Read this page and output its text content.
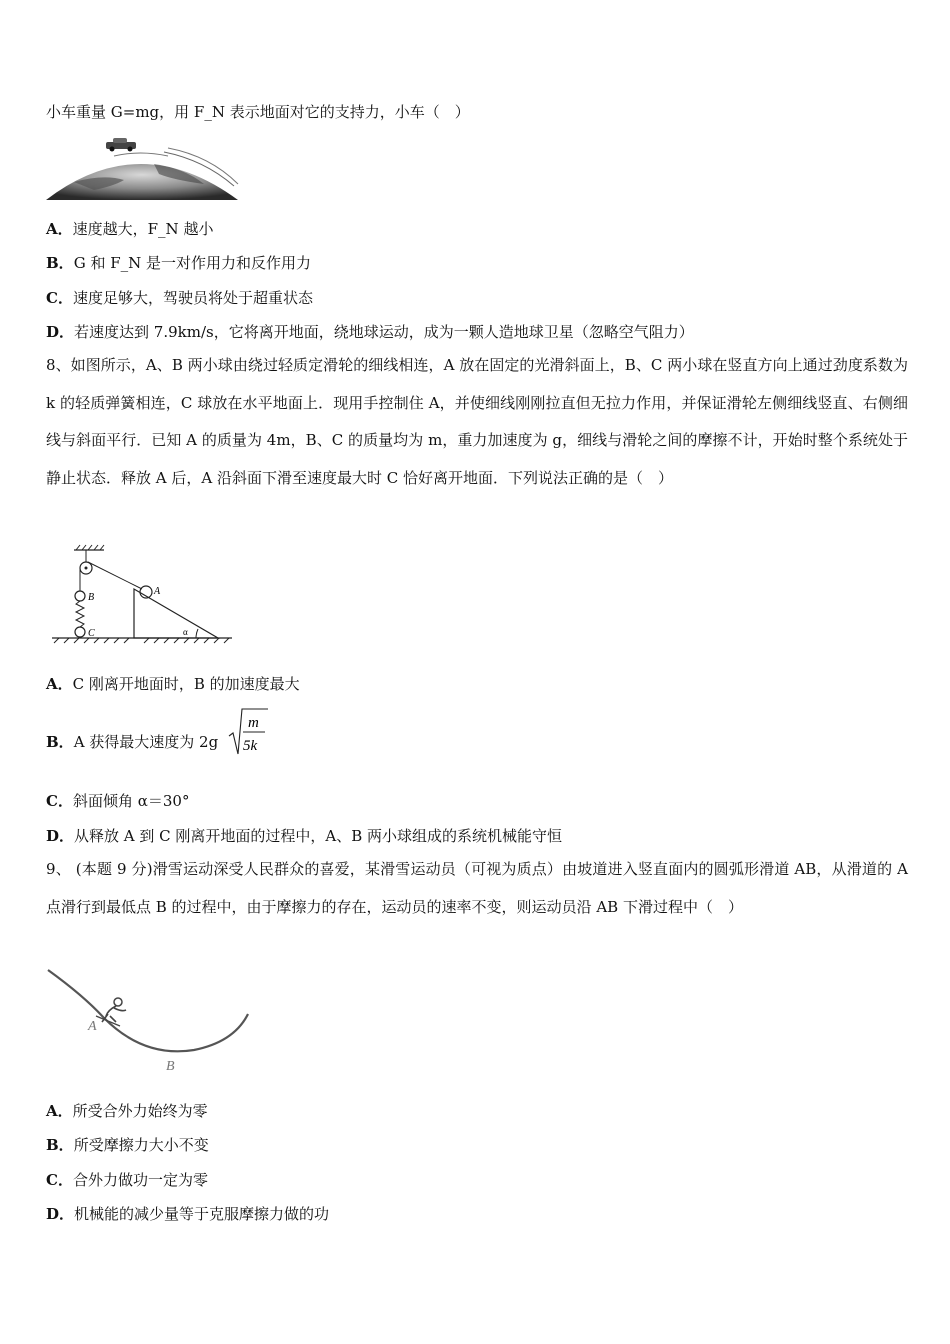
小车重量 G=mg，用 F_N 表示地面对它的支持力，小车（　）
A．速度越大，F_N 越小
B．G 和 F_N 是一对作用力和反作用力
C．速度足够大，驾驶员将处于超重状态
D．若速度达到 7.9km/s，它将离开地面，绕地球运动，成为一颗人造地球卫星（忽略空气阻力）
8、如图所示，A、B 两小球由绕过轻质定滑轮的细线相连，A 放在固定的光滑斜面上，B、C 两小球在竖直方向上通过劲度系数为 k 的轻质弹簧相连，C 球放在水平地面上．现用手控制住 A，并使细线刚刚拉直但无拉力作用，并保证滑轮左侧细线竖直、右侧细线与斜面平行．已知 A 的质量为 4m，B、C 的质量均为 m，重力加速度为 g，细线与滑轮之间的摩擦不计，开始时整个系统处于静止状态．释放 A 后，A 沿斜面下滑至速度最大时 C 恰好离开地面．下列说法正确的是（　）
A
B
C	α
A．C 刚离开地面时，B 的加速度最大
B．A 获得最大速度为 2g
m
5k
C．斜面倾角 α＝30°
D．从释放 A 到 C 刚离开地面的过程中，A、B 两小球组成的系统机械能守恒
9、 (本题 9 分)滑雪运动深受人民群众的喜爱，某滑雪运动员（可视为质点）由坡道进入竖直面内的圆弧形滑道 AB，从滑道的 A 点滑行到最低点 B 的过程中，由于摩擦力的存在，运动员的速率不变，则运动员沿 AB 下滑过程中（　）
A
B
A．所受合外力始终为零
B．所受摩擦力大小不变
C．合外力做功一定为零
D．机械能的减少量等于克服摩擦力做的功
